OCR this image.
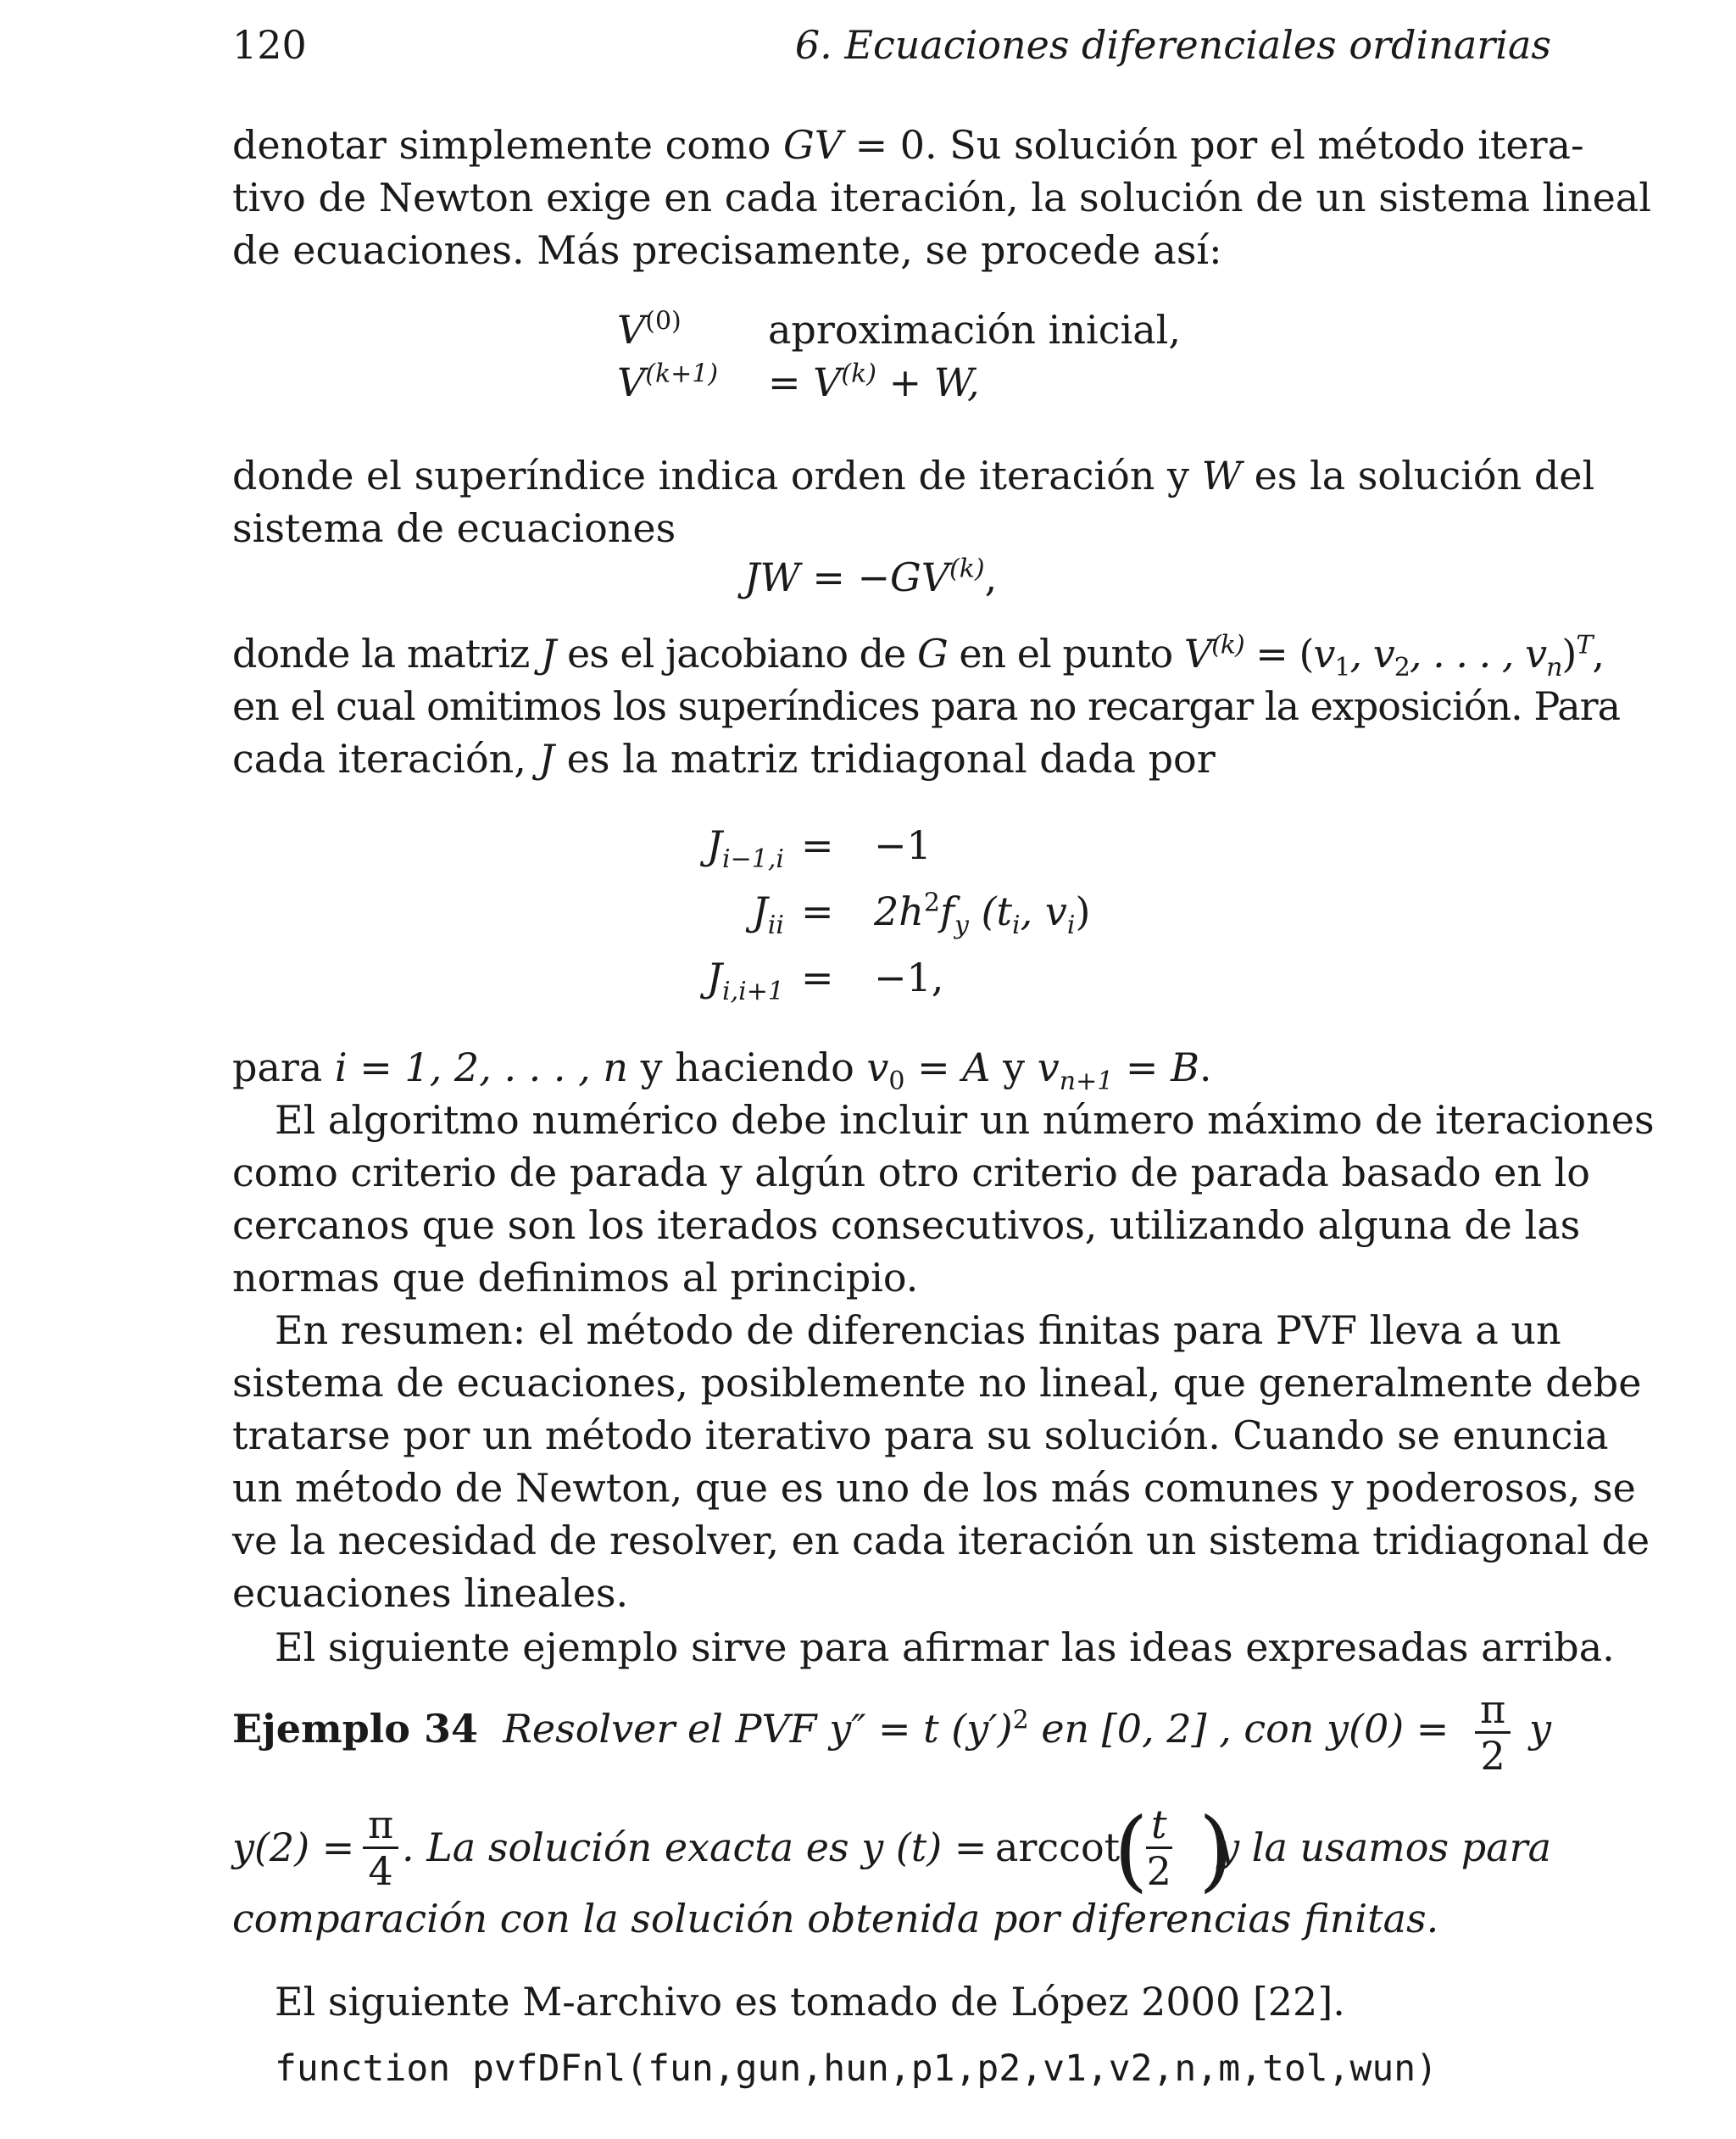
120	6. Ecuaciones diferenciales ordinarias
denotar simplemente como GV = 0. Su solución por el método itera-
tivo de Newton exige en cada iteración, la solución de un sistema lineal
de ecuaciones. Más precisamente, se procede así:
$V^{(0)}$ aproximación inicial,
$V^{(k+1)} = V^{(k)} + W$,
donde el superíndice indica orden de iteración y W es la solución del
sistema de ecuaciones
JW = $-GV^{(k)}$,
donde la matriz J es el jacobiano de G en el punto $V^{(k)} = (v_1$, $v_2$, . . . , $v_n)^T$,
en el cual omitimos los superíndices para no recargar la exposición. Para
cada iteración, J es la matriz tridiagonal dada por
$J_{i-1,i} = -1$
$J_{ii} = 2h^2f_y$ ($t_i$, $v_i$)
$J_{i,i+1} = -1$,
para i = 1, 2, . . . , n y haciendo $v_0 = A$ y $v_{n+1} = B$.
El algoritmo numérico debe incluir un número máximo de iteraciones
como criterio de parada y algún otro criterio de parada basado en lo
cercanos que son los iterados consecutivos, utilizando alguna de las
normas que definimos al principio.
En resumen: el método de diferencias finitas para PVF lleva a un
sistema de ecuaciones, posiblemente no lineal, que generalmente debe
tratarse por un método iterativo para su solución. Cuando se enuncia
un método de Newton, que es uno de los más comunes y poderosos, se
ve la necesidad de resolver, en cada iteración un sistema tridiagonal de
ecuaciones lineales.
El siguiente ejemplo sirve para afirmar las ideas expresadas arriba.
Ejemplo 34 Resolver el PVF y″ = t $(y')^2$ en [0, 2] , con $y(0) = \frac{\pi}{2}$ y
$y(2) = \frac{\pi}{4}$ . La solución exacta es y (t) = arccot
(
$\frac{t}{2}$ )
y la usamos para
comparación con la solución obtenida por diferencias finitas.
El siguiente M-archivo es tomado de López 2000 [22].
function pvfDFnl(fun,gun,hun,p1,p2,v1,v2,n,m,tol,wun)
